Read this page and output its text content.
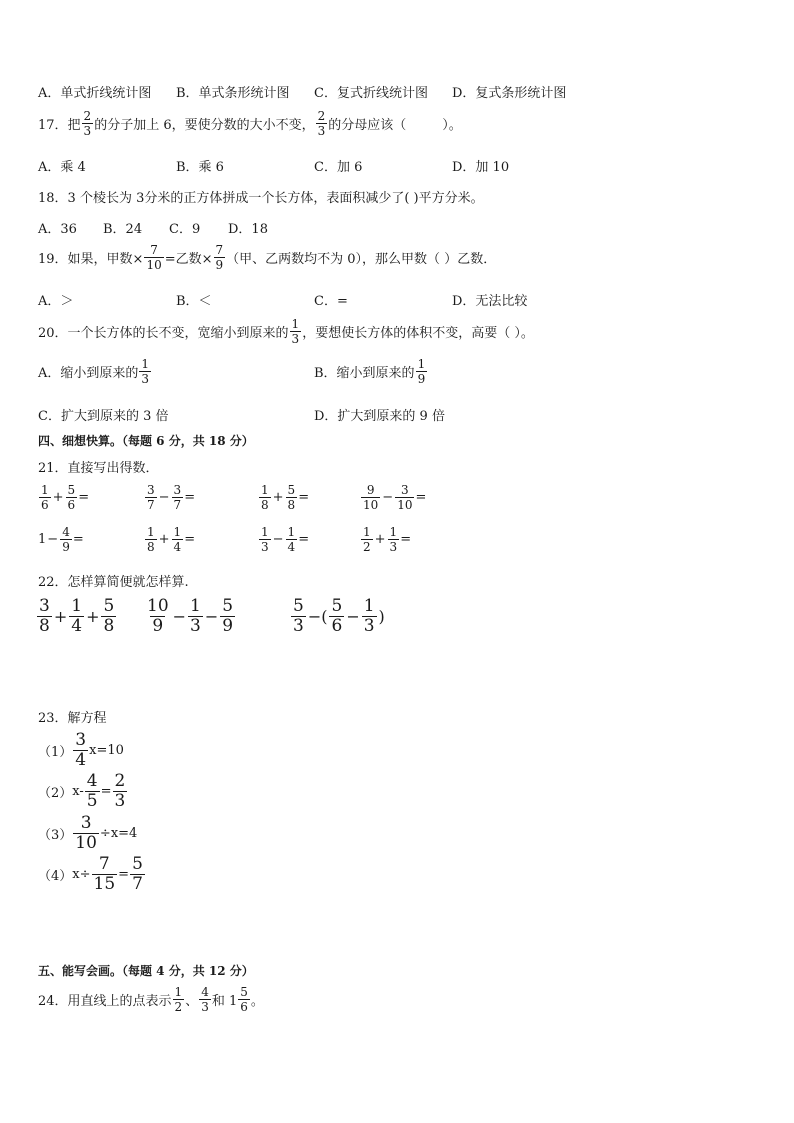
A．单式折线统计图 B．单式条形统计图 C．复式折线统计图 D．复式条形统计图
17．把 $\frac{2}{3}$ 的分子加上 6，要使分数的大小不变， $\frac{2}{3}$ 的分母应该（	）。
A．乘 4	B．乘 6	C．加 6	D．加 10
18．3 个棱长为 3分米的正方体拼成一个长方体，表面积减少了( )平方分米。
A．36 B．24 C．9 D．18
19．如果，甲数× $\frac{7}{10}$ =乙数× $\frac{7}{9}$ （甲、乙两数均不为 0），那么甲数（ ）乙数．
A．＞	B．＜	C．=	D．无法比较
20．一个长方体的长不变，宽缩小到原来的 $\frac{1}{3}$ ，要想使长方体的体积不变，高要（ ）。
A．缩小到原来的 $\frac{1}{3}$	B．缩小到原来的 $\frac{1}{9}$
C．扩大到原来的 3 倍	D．扩大到原来的 9 倍
四、细想快算。（每题 6 分，共 18 分）
21．直接写出得数．
$\frac{1}{6} + \frac{5}{6}$ =	$\frac{3}{7} - \frac{3}{7}$ =	$\frac{1}{8} + \frac{5}{8}$ =	$\frac{9}{10} - \frac{3}{10}$ =
$1 - \frac{4}{9}$ =	$\frac{1}{8} + \frac{1}{4}$ =	$\frac{1}{3} - \frac{1}{4}$ =	$\frac{1}{2} + \frac{1}{3}$ =
22．怎样算简便就怎样算.
$\frac{3}{8} + \frac{1}{4} + \frac{5}{8} \frac{10}{9} - \frac{1}{3} - \frac{5}{9}$	$\frac{5}{3}$ −( $\frac{5}{6} - \frac{1}{3}$ )
23．解方程
$(1) \frac{3}{4} x=10$
（2） $x- \frac{4}{5} = \frac{2}{3}$
$(3) \frac{3}{10} \div x=4$
（4） $x\div \frac{7}{15} = \frac{5}{7}$
五、能写会画。（每题 4 分，共 12 分）
24．用直线上的点表示 $\frac{1}{2}$ 、 $\frac{4}{3}$ 和 $1 \frac{5}{6}$ 。
